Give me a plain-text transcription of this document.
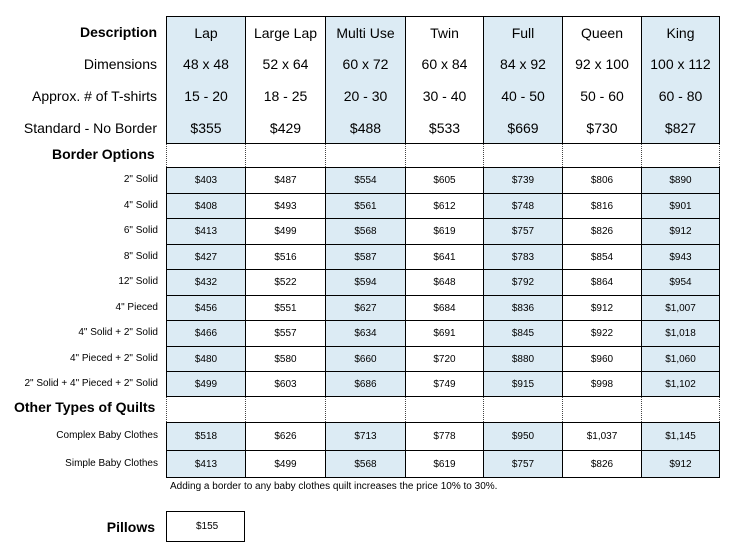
Description	Lap	Large Lap	Multi Use	Twin	Full	Queen	King
Dimensions	48 x 48	52 x 64	60 x 72	60 x 84	84 x 92	92 x 100	100 x 112
Approx. # of T-shirts	15 - 20	18 - 25	20 - 30	30 - 40	40 - 50	50 - 60	60 - 80
Standard - No Border	$355	$429	$488	$533	$669	$730	$827
Border Options
2" Solid	$403	$487	$554	$605	$739	$806	$890
4" Solid	$408	$493	$561	$612	$748	$816	$901
6" Solid	$413	$499	$568	$619	$757	$826	$912
8" Solid	$427	$516	$587	$641	$783	$854	$943
12" Solid	$432	$522	$594	$648	$792	$864	$954
4" Pieced	$456	$551	$627	$684	$836	$912	$1,007
4" Solid + 2" Solid	$466	$557	$634	$691	$845	$922	$1,018
4" Pieced + 2" Solid	$480	$580	$660	$720	$880	$960	$1,060
2" Solid + 4" Pieced + 2" Solid	$499	$603	$686	$749	$915	$998	$1,102
Other Types of Quilts
Complex Baby Clothes	$518	$626	$713	$778	$950	$1,037	$1,145
Simple Baby Clothes	$413	$499	$568	$619	$757	$826	$912
Adding a border to any baby clothes quilt increases the price 10% to 30%.
Pillows	$155
